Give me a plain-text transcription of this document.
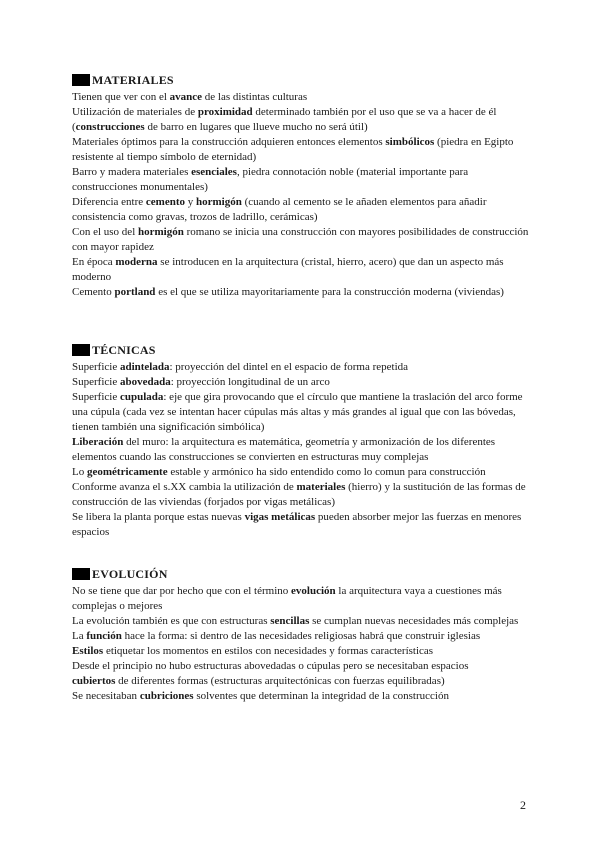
MATERIALES
Tienen que ver con el avance de las distintas culturas
Utilización de materiales de proximidad determinado también por el uso que se va a hacer de él (construcciones de barro en lugares que llueve mucho no será útil)
Materiales óptimos para la construcción adquieren entonces elementos simbólicos (piedra en Egipto resistente al tiempo símbolo de eternidad)
Barro y madera materiales esenciales, piedra connotación noble (material importante para construcciones monumentales)
Diferencia entre cemento y hormigón (cuando al cemento se le añaden elementos para añadir consistencia como gravas, trozos de ladrillo, cerámicas)
Con el uso del hormigón romano se inicia una construcción con mayores posibilidades de construcción con mayor rapidez
En época moderna se introducen en la arquitectura (cristal, hierro, acero) que dan un aspecto más moderno
Cemento portland es el que se utiliza mayoritariamente para la construcción moderna (viviendas)
TÉCNICAS
Superficie adintelada: proyección del dintel en el espacio de forma repetida
Superficie abovedada: proyección longitudinal de un arco
Superficie cupulada: eje que gira provocando que el círculo que mantiene la traslación del arco forme una cúpula (cada vez se intentan hacer cúpulas más altas y más grandes al igual que con las bóvedas, tienen también una significación simbólica)
Liberación del muro: la arquitectura es matemática, geometría y armonización de los diferentes elementos cuando las construcciones se convierten en estructuras muy complejas
Lo geométricamente estable y armónico ha sido entendido como lo comun para construcción
Conforme avanza el s.XX cambia la utilización de materiales (hierro) y la sustitución de las formas de construcción de las viviendas (forjados por vigas metálicas)
Se libera la planta porque estas nuevas vigas metálicas pueden absorber mejor las fuerzas en menores espacios
EVOLUCIÓN
No se tiene que dar por hecho que con el término evolución la arquitectura vaya a cuestiones más complejas o mejores
La evolución también es que con estructuras sencillas se cumplan nuevas necesidades más complejas
La función hace la forma: si dentro de las necesidades religiosas habrá que construir iglesias
Estilos etiquetar los momentos en estilos con necesidades y formas características
Desde el principio no hubo estructuras abovedadas o cúpulas pero se necesitaban espacios
cubiertos de diferentes formas (estructuras arquitectónicas con fuerzas equilibradas)
Se necesitaban cubriciones solventes que determinan la integridad de la construcción
2
